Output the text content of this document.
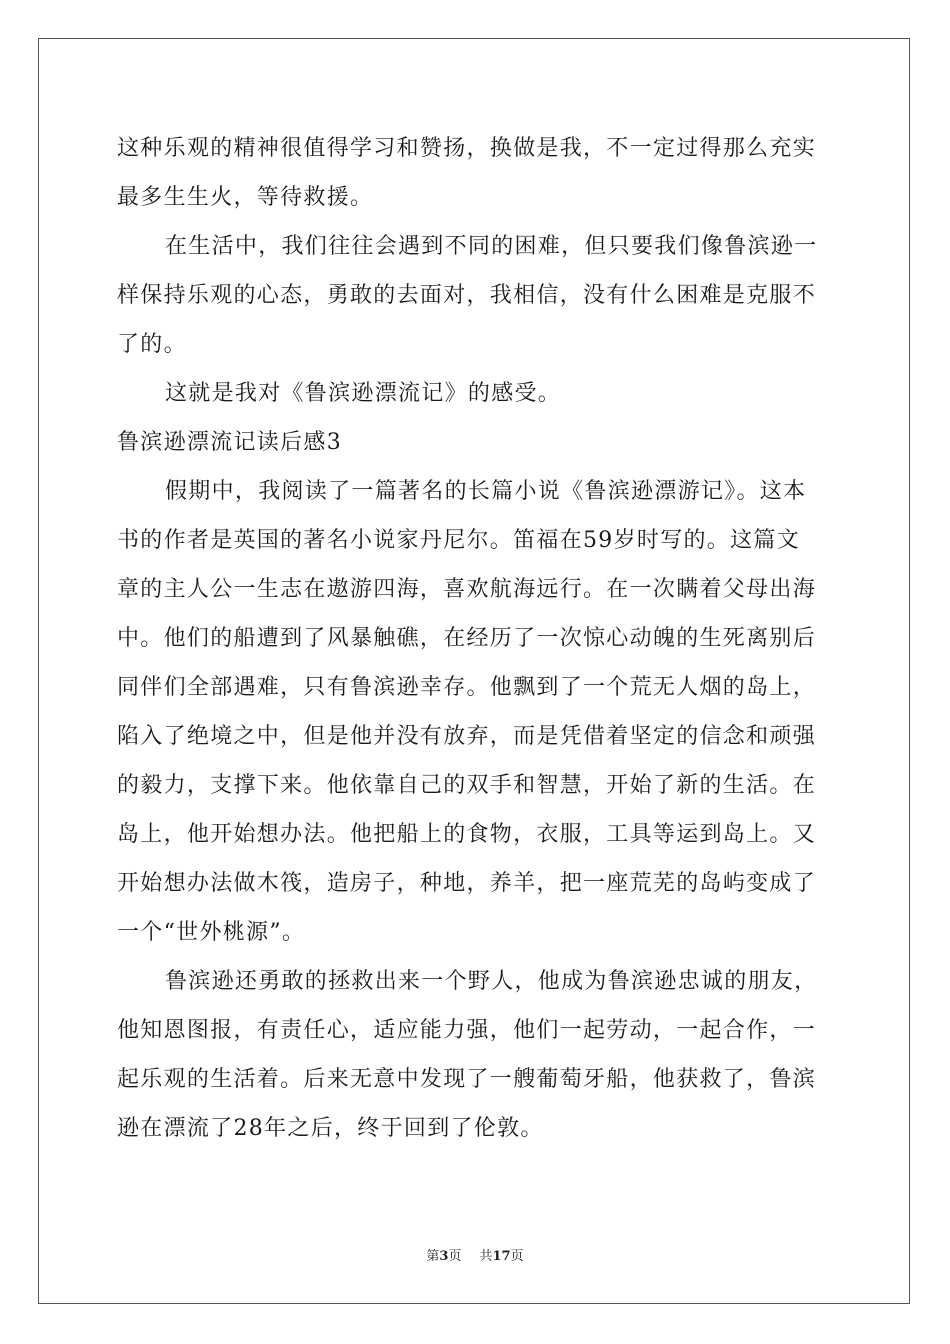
这种乐观的精神很值得学习和赞扬，换做是我，不一定过得那么充实
最多生生火，等待救援。
在生活中，我们往往会遇到不同的困难，但只要我们像鲁滨逊一
样保持乐观的心态，勇敢的去面对，我相信，没有什么困难是克服不
了的。
这就是我对《鲁滨逊漂流记》的感受。
鲁滨逊漂流记读后感3
假期中，我阅读了一篇著名的长篇小说《鲁滨逊漂游记》。这本
书的作者是英国的著名小说家丹尼尔。笛福在59岁时写的。这篇文
章的主人公一生志在遨游四海，喜欢航海远行。在一次瞒着父母出海
中。他们的船遭到了风暴触礁，在经历了一次惊心动魄的生死离别后
同伴们全部遇难，只有鲁滨逊幸存。他飘到了一个荒无人烟的岛上，
陷入了绝境之中，但是他并没有放弃，而是凭借着坚定的信念和顽强
的毅力，支撑下来。他依靠自己的双手和智慧，开始了新的生活。在
岛上，他开始想办法。他把船上的食物，衣服，工具等运到岛上。又
开始想办法做木筏，造房子，种地，养羊，把一座荒芜的岛屿变成了
一个“世外桃源”。
鲁滨逊还勇敢的拯救出来一个野人，他成为鲁滨逊忠诚的朋友，
他知恩图报，有责任心，适应能力强，他们一起劳动，一起合作，一
起乐观的生活着。后来无意中发现了一艘葡萄牙船，他获救了，鲁滨
逊在漂流了28年之后，终于回到了伦敦。
第3页 共17页
